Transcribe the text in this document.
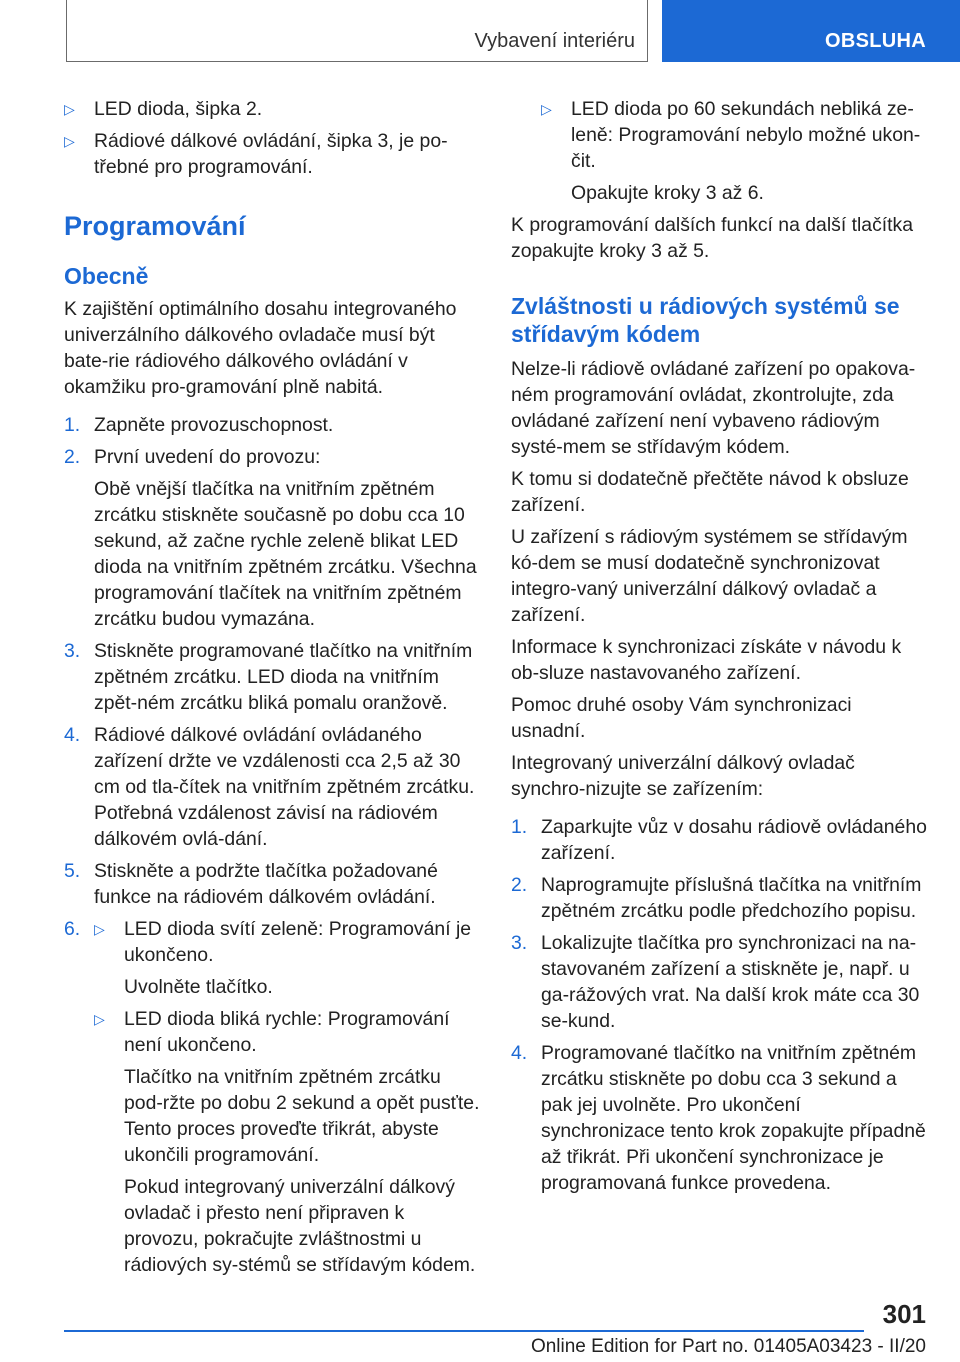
Vybavení interiéru	OBSLUHA
▷ LED dioda, šipka 2.
▷ Rádiové dálkové ovládání, šipka 3, je po-třebné pro programování.
Programování
Obecně
K zajištění optimálního dosahu integrovaného univerzálního dálkového ovladače musí být bate-rie rádiového dálkového ovládání v okamžiku pro-gramování plně nabitá.
1. Zapněte provozuschopnost.
2. První uvedení do provozu:
Obě vnější tlačítka na vnitřním zpětném zrcátku stiskněte současně po dobu cca 10 sekund, až začne rychle zeleně blikat LED dioda na vnitřním zpětném zrcátku. Všechna programování tlačítek na vnitřním zpětném zrcátku budou vymazána.
3. Stiskněte programované tlačítko na vnitřním zpětném zrcátku. LED dioda na vnitřním zpět-ném zrcátku bliká pomalu oranžově.
4. Rádiové dálkové ovládání ovládaného zařízení držte ve vzdálenosti cca 2,5 až 30 cm od tla-čítek na vnitřním zpětném zrcátku. Potřebná vzdálenost závisí na rádiovém dálkovém ovlá-dání.
5. Stiskněte a podržte tlačítka požadované funkce na rádiovém dálkovém ovládání.
6. ▷ LED dioda svítí zeleně: Programování je ukončeno.
Uvolněte tlačítko.
▷ LED dioda bliká rychle: Programování není ukončeno.
Tlačítko na vnitřním zpětném zrcátku pod-ržte po dobu 2 sekund a opět pusťte. Tento proces proveďte třikrát, abyste ukončili programování.
Pokud integrovaný univerzální dálkový ovladač i přesto není připraven k provozu, pokračujte zvláštnostmi u rádiových sy-stémů se střídavým kódem.
▷ LED dioda po 60 sekundách nebliká ze-leně: Programování nebylo možné ukon-čit.
Opakujte kroky 3 až 6.
K programování dalších funkcí na další tlačítka zopakujte kroky 3 až 5.
Zvláštnosti u rádiových systémů se střídavým kódem
Nelze-li rádiově ovládané zařízení po opakova-ném programování ovládat, zkontrolujte, zda ovládané zařízení není vybaveno rádiovým systé-mem se střídavým kódem.
K tomu si dodatečně přečtěte návod k obsluze zařízení.
U zařízení s rádiovým systémem se střídavým kó-dem se musí dodatečně synchronizovat integro-vaný univerzální dálkový ovladač a zařízení.
Informace k synchronizaci získáte v návodu k ob-sluze nastavovaného zařízení.
Pomoc druhé osoby Vám synchronizaci usnadní.
Integrovaný univerzální dálkový ovladač synchro-nizujte se zařízením:
1. Zaparkujte vůz v dosahu rádiově ovládaného zařízení.
2. Naprogramujte příslušná tlačítka na vnitřním zpětném zrcátku podle předchozího popisu.
3. Lokalizujte tlačítka pro synchronizaci na na-stavovaném zařízení a stiskněte je, např. u ga-rážových vrat. Na další krok máte cca 30 se-kund.
4. Programované tlačítko na vnitřním zpětném zrcátku stiskněte po dobu cca 3 sekund a pak jej uvolněte. Pro ukončení synchronizace tento krok zopakujte případně až třikrát. Při ukončení synchronizace je programovaná funkce provedena.
301
Online Edition for Part no. 01405A03423 - II/20
